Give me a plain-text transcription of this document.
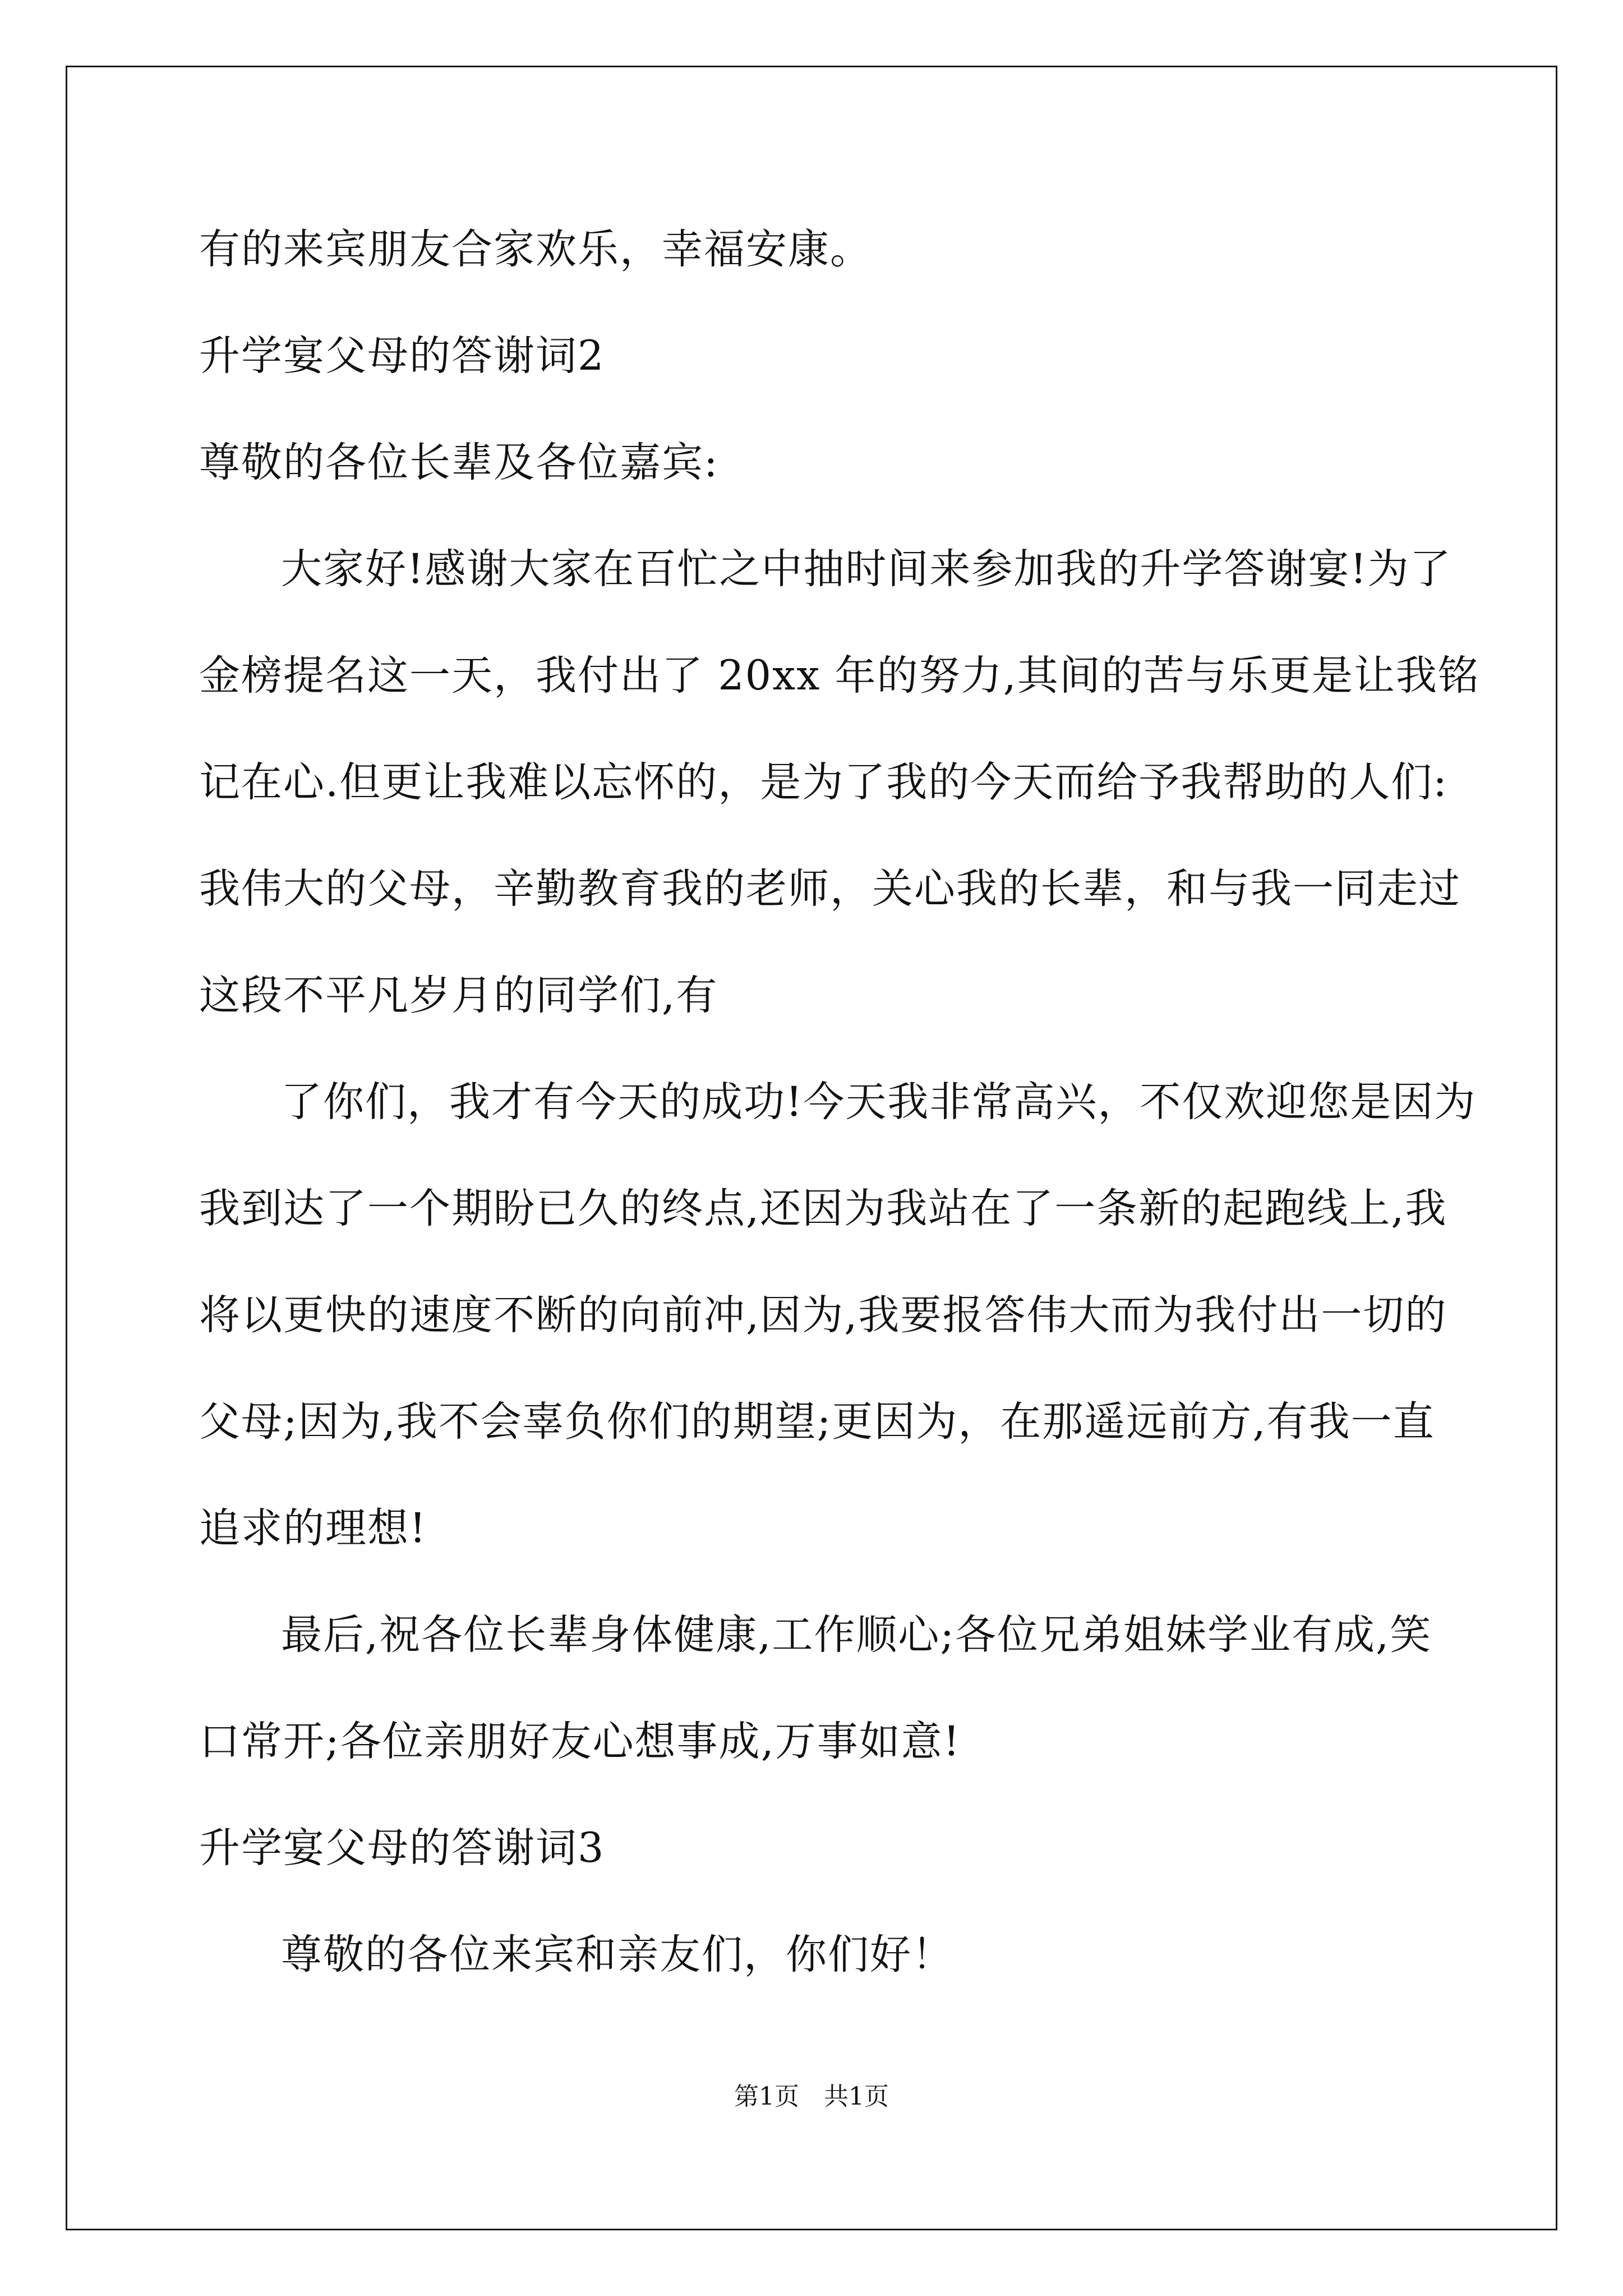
有的来宾朋友合家欢乐，幸福安康。
升学宴父母的答谢词2
尊敬的各位长辈及各位嘉宾:
大家好!感谢大家在百忙之中抽时间来参加我的升学答谢宴!为了
金榜提名这一天，我付出了 20xx 年的努力,其间的苦与乐更是让我铭
记在心.但更让我难以忘怀的，是为了我的今天而给予我帮助的人们:
我伟大的父母，辛勤教育我的老师，关心我的长辈，和与我一同走过
这段不平凡岁月的同学们,有
了你们，我才有今天的成功!今天我非常高兴，不仅欢迎您是因为
我到达了一个期盼已久的终点,还因为我站在了一条新的起跑线上,我
将以更快的速度不断的向前冲,因为,我要报答伟大而为我付出一切的
父母;因为,我不会辜负你们的期望;更因为，在那遥远前方,有我一直
追求的理想!
最后,祝各位长辈身体健康,工作顺心;各位兄弟姐妹学业有成,笑
口常开;各位亲朋好友心想事成,万事如意!
升学宴父母的答谢词3
尊敬的各位来宾和亲友们，你们好！
第1页　共1页
